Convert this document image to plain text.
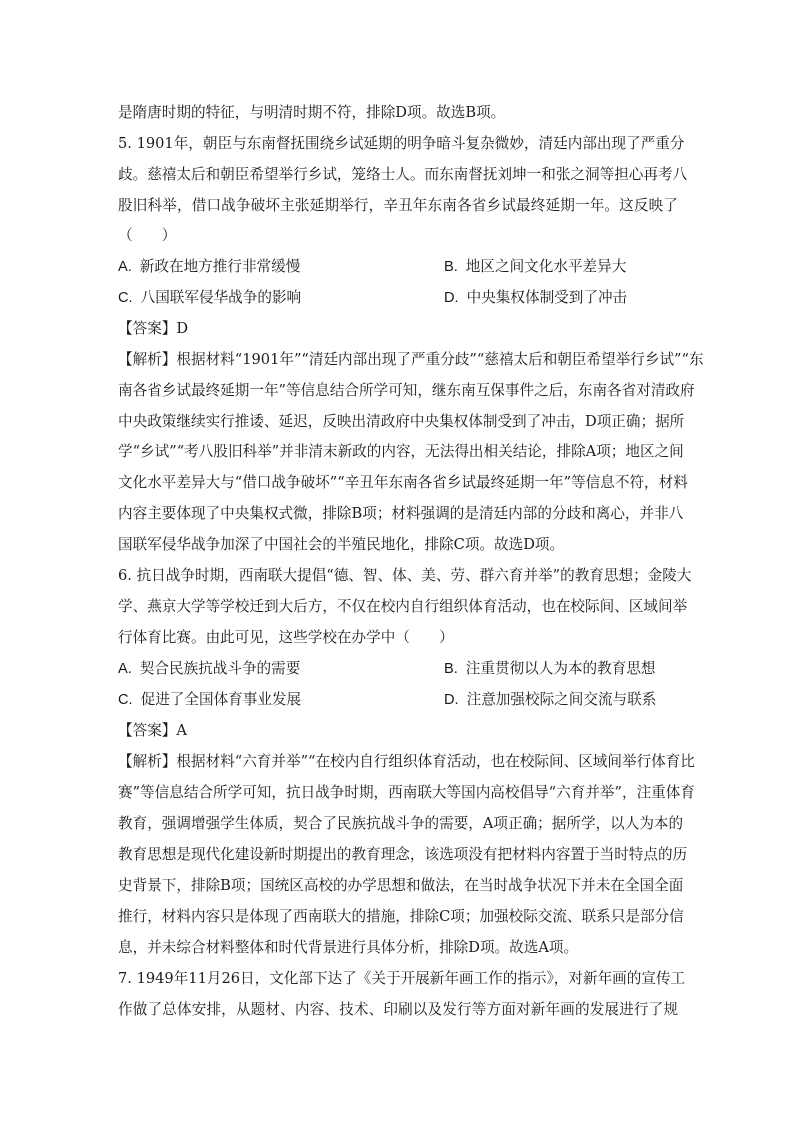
是隋唐时期的特征，与明清时期不符，排除D项。故选B项。
5. 1901年，朝臣与东南督抚围绕乡试延期的明争暗斗复杂微妙，清廷内部出现了严重分
歧。慈禧太后和朝臣希望举行乡试，笼络士人。而东南督抚刘坤一和张之洞等担心再考八
股旧科举，借口战争破坏主张延期举行，辛丑年东南各省乡试最终延期一年。这反映了
（　　）
A. 新政在地方推行非常缓慢	B. 地区之间文化水平差异大
C. 八国联军侵华战争的影响	D. 中央集权体制受到了冲击
【答案】D
【解析】根据材料“1901年”“清廷内部出现了严重分歧”“慈禧太后和朝臣希望举行乡试”“东
南各省乡试最终延期一年”等信息结合所学可知，继东南互保事件之后，东南各省对清政府
中央政策继续实行推诿、延迟，反映出清政府中央集权体制受到了冲击，D项正确；据所
学“乡试”“考八股旧科举”并非清末新政的内容，无法得出相关结论，排除A项；地区之间
文化水平差异大与“借口战争破坏”“辛丑年东南各省乡试最终延期一年”等信息不符，材料
内容主要体现了中央集权式微，排除B项；材料强调的是清廷内部的分歧和离心，并非八
国联军侵华战争加深了中国社会的半殖民地化，排除C项。故选D项。
6. 抗日战争时期，西南联大提倡“德、智、体、美、劳、群六育并举”的教育思想；金陵大
学、燕京大学等学校迁到大后方，不仅在校内自行组织体育活动，也在校际间、区域间举
行体育比赛。由此可见，这些学校在办学中（　　）
A. 契合民族抗战斗争的需要	B. 注重贯彻以人为本的教育思想
C. 促进了全国体育事业发展	D. 注意加强校际之间交流与联系
【答案】A
【解析】根据材料“六育并举”“在校内自行组织体育活动，也在校际间、区域间举行体育比
赛”等信息结合所学可知，抗日战争时期，西南联大等国内高校倡导“六育并举”，注重体育
教育，强调增强学生体质，契合了民族抗战斗争的需要，A项正确；据所学，以人为本的
教育思想是现代化建设新时期提出的教育理念，该选项没有把材料内容置于当时特点的历
史背景下，排除B项；国统区高校的办学思想和做法，在当时战争状况下并未在全国全面
推行，材料内容只是体现了西南联大的措施，排除C项；加强校际交流、联系只是部分信
息，并未综合材料整体和时代背景进行具体分析，排除D项。故选A项。
7. 1949年11月26日，文化部下达了《关于开展新年画工作的指示》，对新年画的宣传工
作做了总体安排，从题材、内容、技术、印刷以及发行等方面对新年画的发展进行了规
